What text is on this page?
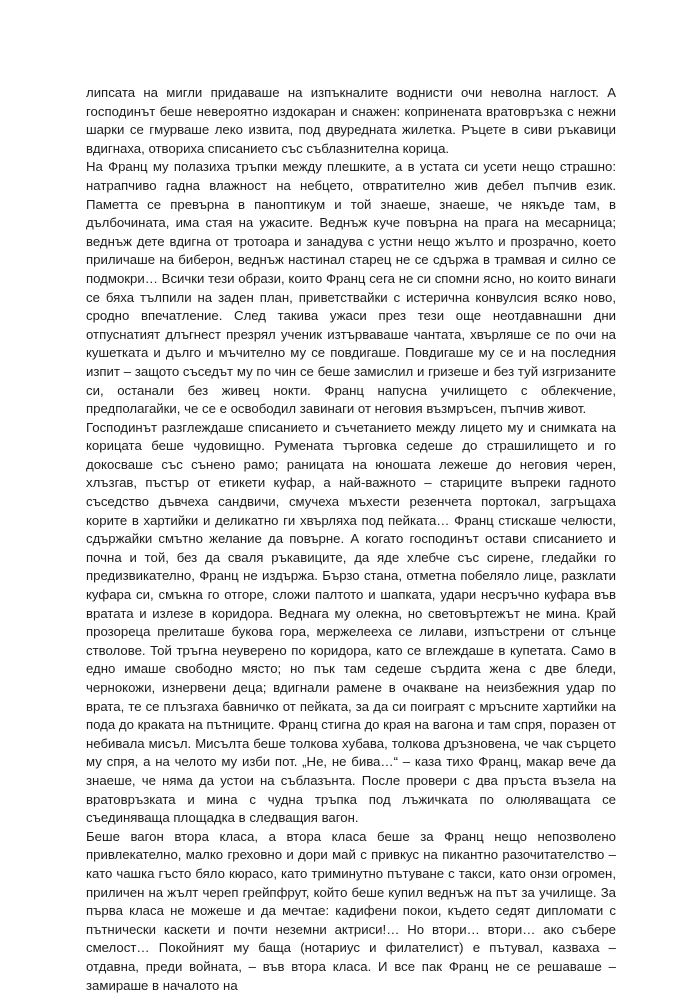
липсата на мигли придаваше на изпъкналите воднисти очи неволна наглост. А господинът беше невероятно издокаран и снажен: копринената вратовръзка с нежни шарки се гмурваше леко извита, под двуредната жилетка. Ръцете в сиви ръкавици вдигнаха, отвориха списанието със съблазнителна корица.

На Франц му полазиха тръпки между плешките, а в устата си усети нещо страшно: натрапчиво гадна влажност на небцето, отвратително жив дебел пъпчив език. Паметта се превърна в паноптикум и той знаеше, знаеше, че някъде там, в дълбочината, има стая на ужасите. Веднъж куче повърна на прага на месарница; веднъж дете вдигна от тротоара и занадува с устни нещо жълто и прозрачно, което приличаше на биберон, веднъж настинал старец не се сдържа в трамвая и силно се подмокри… Всички тези образи, които Франц сега не си спомни ясно, но които винаги се бяха тълпили на заден план, приветствайки с истерична конвулсия всяко ново, сродно впечатление. След такива ужаси през тези още неотдавнашни дни отпуснатият длъгнест презрял ученик изтърваваше чантата, хвърляше се по очи на кушетката и дълго и мъчително му се повдигаше. Повдигаше му се и на последния изпит – защото съседът му по чин се беше замислил и гризеше и без туй изгризаните си, останали без живец нокти. Франц напусна училището с облекчение, предполагайки, че се е освободил завинаги от неговия възмръсен, пъпчив живот.

Господинът разглеждаше списанието и съчетанието между лицето му и снимката на корицата беше чудовищно. Румената търговка седеше до страшилището и го докосваше със сънено рамо; раницата на юношата лежеше до неговия черен, хлъзгав, пъстър от етикети куфар, а най-важното – стариците въпреки гадното съседство дъвчеха сандвичи, смучеха мъхести резенчета портокал, загръщаха корите в хартийки и деликатно ги хвърляха под пейката… Франц стискаше челюсти, сдържайки смътно желание да повърне. А когато господинът остави списанието и почна и той, без да сваля ръкавиците, да яде хлебче със сирене, гледайки го предизвикателно, Франц не издържа. Бързо стана, отметна побеляло лице, разклати куфара си, смъкна го отгоре, сложи палтото и шапката, удари несръчно куфара във вратата и излезе в коридора. Веднага му олекна, но световъртежът не мина. Край прозореца прелиташе букова гора, мержелееха се лилави, изпъстрени от слънце стволове. Той тръгна неуверено по коридора, като се вглеждаше в купетата. Само в едно имаше свободно място; но пък там седеше сърдита жена с две бледи, чернокожи, изнервени деца; вдигнали рамене в очакване на неизбежния удар по врата, те се плъзгаха бавничко от пейката, за да си поиграят с мръсните хартийки на пода до краката на пътниците. Франц стигна до края на вагона и там спря, поразен от небивала мисъл. Мисълта беше толкова хубава, толкова дръзновена, че чак сърцето му спря, а на челото му изби пот. „Не, не бива…“ – каза тихо Франц, макар вече да знаеше, че няма да устои на съблазънта. После провери с два пръста възела на вратовръзката и мина с чудна тръпка под лъжичката по олюляващата се съединяваща площадка в следващия вагон.

Беше вагон втора класа, а втора класа беше за Франц нещо непозволено привлекателно, малко греховно и дори май с привкус на пикантно разочитателство – като чашка гъсто бяло кюрасо, като триминутно пътуване с такси, като онзи огромен, приличен на жълт череп грейпфрут, който беше купил веднъж на път за училище. За първа класа не можеше и да мечтае: кадифени покои, където седят дипломати с пътнически каскети и почти неземни актриси!… Но втори… втори… ако събере смелост… Покойният му баща (нотариус и филателист) е пътувал, казваха – отдавна, преди войната, – във втора класа. И все пак Франц не се решаваше – замираше в началото на
